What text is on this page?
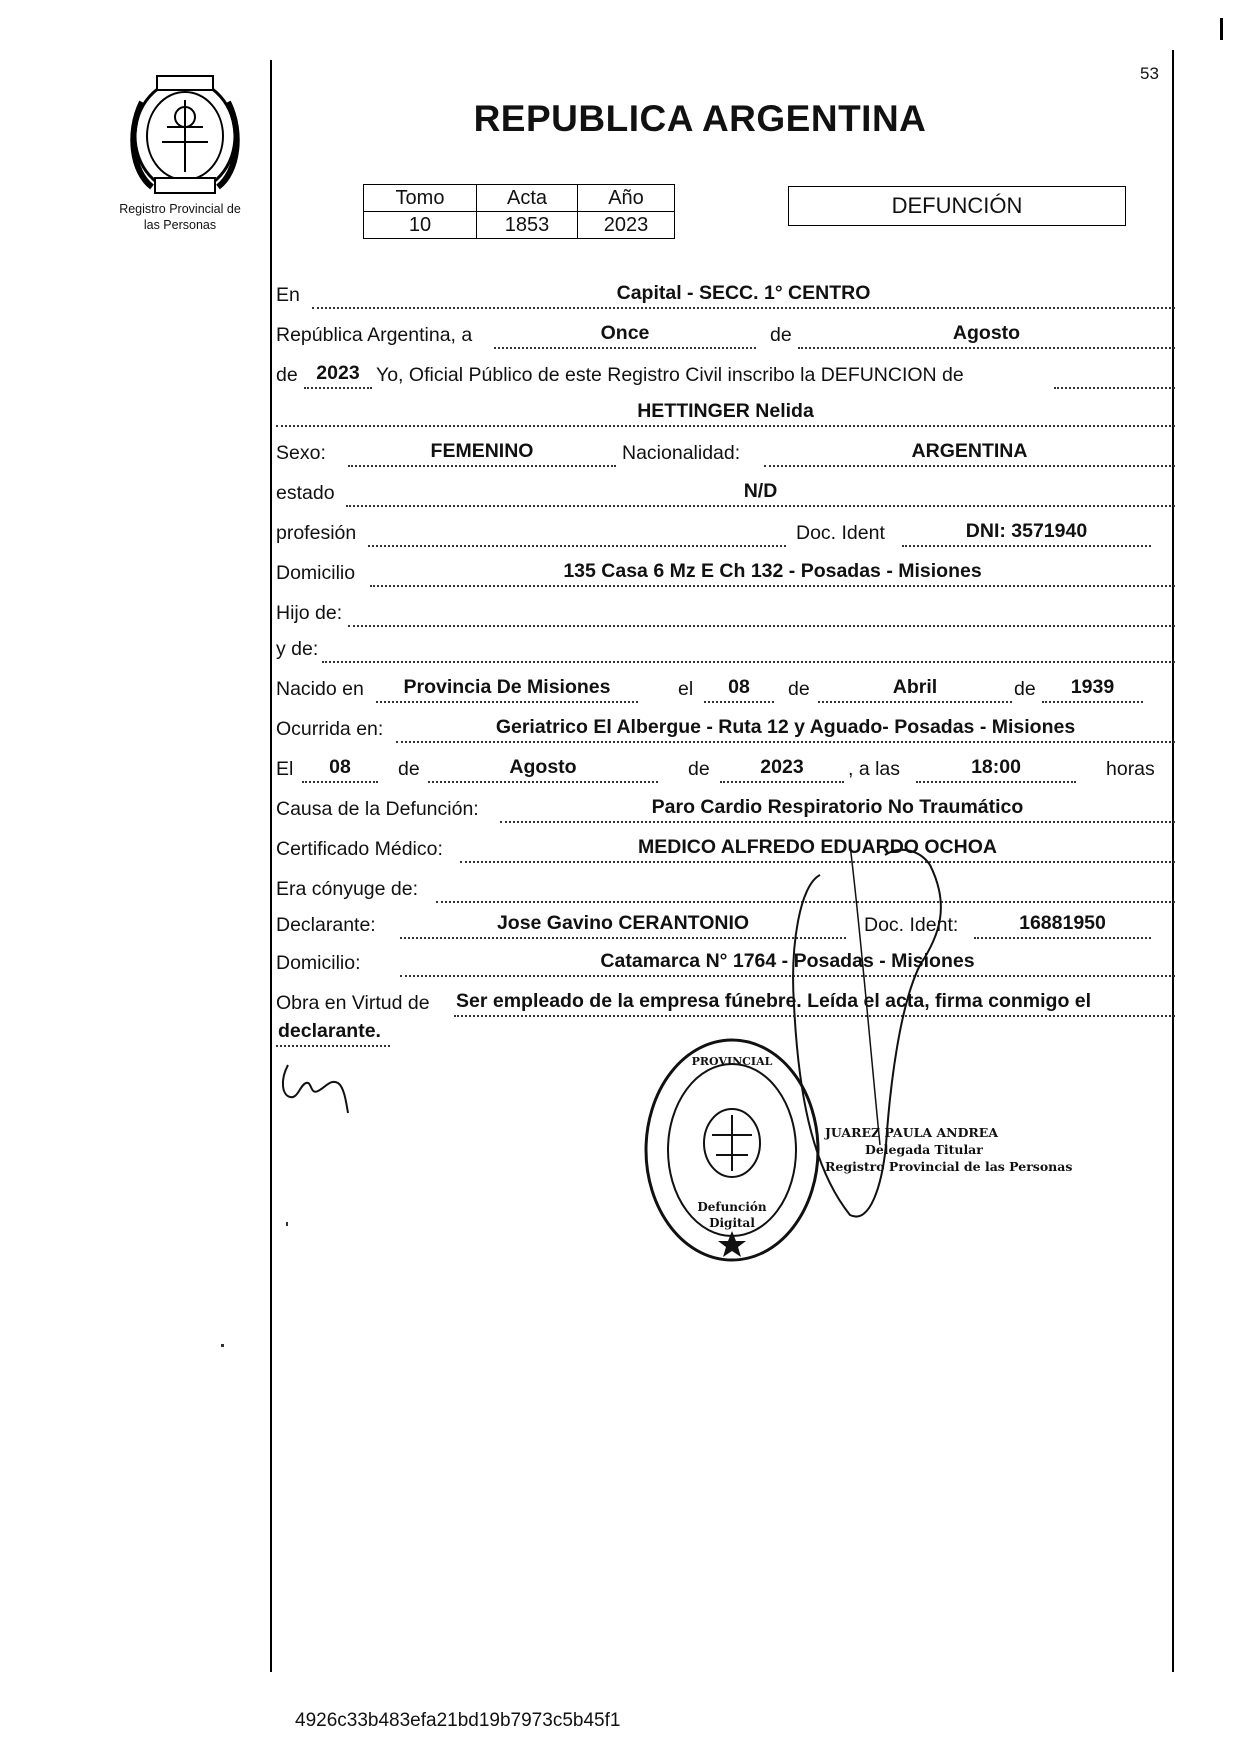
Registro Provincial de
las Personas
53
REPUBLICA ARGENTINA
Tomo	Acta	Año
10	1853	2023
DEFUNCIÓN
En	Capital - SECC. 1° CENTRO
República Argentina, a	Once	de	Agosto
de 2023 Yo, Oficial Público de este Registro Civil inscribo la DEFUNCION de
HETTINGER Nelida
Sexo:	FEMENINO	Nacionalidad:	ARGENTINA
estado	N/D
profesión	Doc. Ident	DNI: 3571940
Domicilio	135 Casa 6 Mz E Ch 132 - Posadas - Misiones
Hijo de:
y de:
Nacido en	Provincia De Misiones	el	08	de	Abril	de	1939
Ocurrida en:	Geriatrico El Albergue - Ruta 12 y Aguado- Posadas - Misiones
El	08	de	Agosto	de	2023	, a las	18:00	horas
Causa de la Defunción:	Paro Cardio Respiratorio No Traumático
Certificado Médico:	MEDICO ALFREDO EDUARDO OCHOA
Era cónyuge de:
Declarante:	Jose Gavino CERANTONIO	Doc. Ident:	16881950
Domicilio:	Catamarca N° 1764 - Posadas - Misiones
Obra en Virtud de Ser empleado de la empresa fúnebre. Leída el acta, firma conmigo el
declarante.
PROVINCIAL
Defunción
Digital
JUAREZ PAULA ANDREA
Delegada Titular
Registro Provincial de las Personas
4926c33b483efa21bd19b7973c5b45f1
